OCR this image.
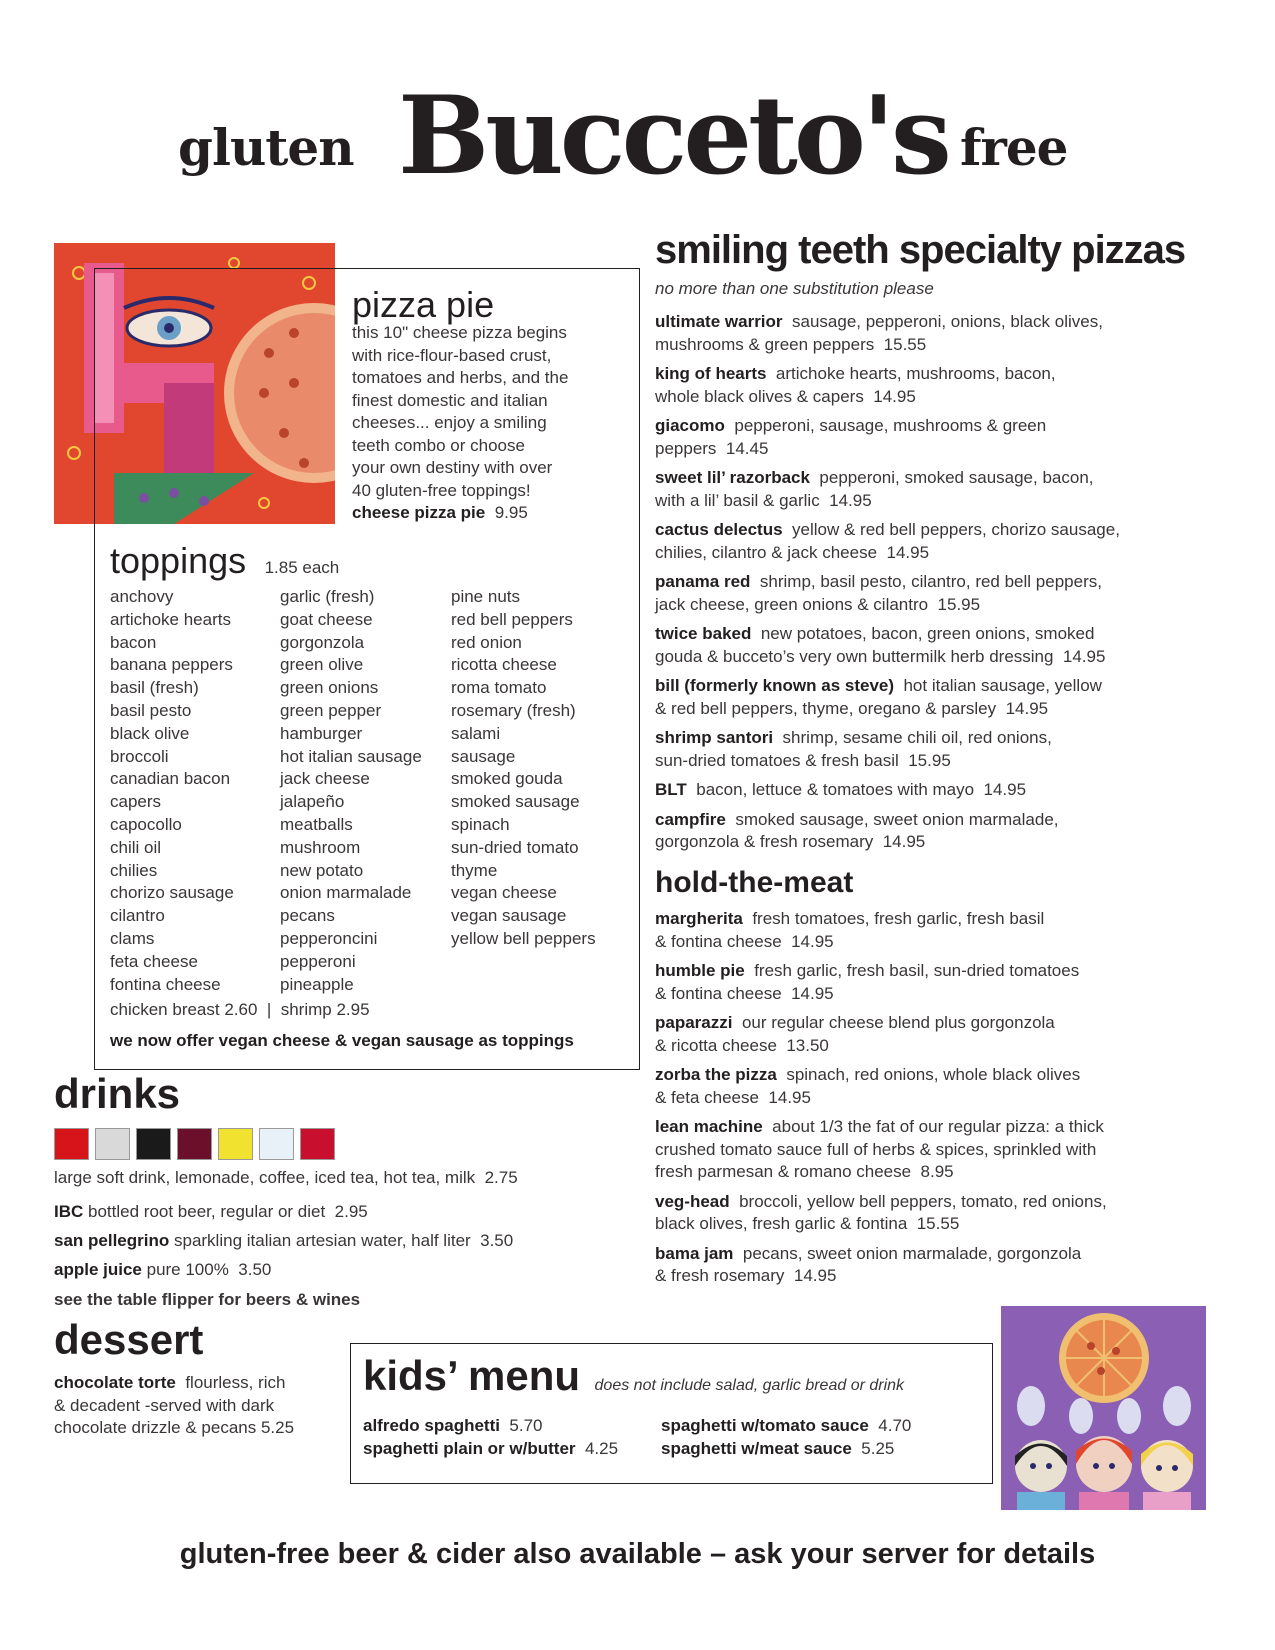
gluten Bucceto's free
pizza pie
this 10" cheese pizza begins
with rice-flour-based crust,
tomatoes and herbs, and the
finest domestic and italian
cheeses... enjoy a smiling
teeth combo or choose
your own destiny with over
40 gluten-free toppings!
cheese pizza pie 9.95
toppings 1.85 each
anchovy
artichoke hearts
bacon
banana peppers
basil (fresh)
basil pesto
black olive
broccoli
canadian bacon
capers
capocollo
chili oil
chilies
chorizo sausage
cilantro
clams
feta cheese
fontina cheese
garlic (fresh)
goat cheese
gorgonzola
green olive
green onions
green pepper
hamburger
hot italian sausage
jack cheese
jalapeño
meatballs
mushroom
new potato
onion marmalade
pecans
pepperoncini
pepperoni
pineapple
pine nuts
red bell peppers
red onion
ricotta cheese
roma tomato
rosemary (fresh)
salami
sausage
smoked gouda
smoked sausage
spinach
sun-dried tomato
thyme
vegan cheese
vegan sausage
yellow bell peppers
chicken breast 2.60  |  shrimp 2.95
we now offer vegan cheese & vegan sausage as toppings
smiling teeth specialty pizzas
no more than one substitution please
ultimate warrior sausage, pepperoni, onions, black olives,
mushrooms & green peppers  15.55
king of hearts artichoke hearts, mushrooms, bacon,
whole black olives & capers  14.95
giacomo pepperoni, sausage, mushrooms & green
peppers  14.45
sweet lil’ razorback pepperoni, smoked sausage, bacon,
with a lil’ basil & garlic  14.95
cactus delectus yellow & red bell peppers, chorizo sausage,
chilies, cilantro & jack cheese  14.95
panama red shrimp, basil pesto, cilantro, red bell peppers,
jack cheese, green onions & cilantro  15.95
twice baked new potatoes, bacon, green onions, smoked
gouda & bucceto’s very own buttermilk herb dressing  14.95
bill (formerly known as steve) hot italian sausage, yellow
& red bell peppers, thyme, oregano & parsley  14.95
shrimp santori shrimp, sesame chili oil, red onions,
sun-dried tomatoes & fresh basil  15.95
BLT bacon, lettuce & tomatoes with mayo  14.95
campfire smoked sausage, sweet onion marmalade,
gorgonzola & fresh rosemary  14.95
hold-the-meat
margherita fresh tomatoes, fresh garlic, fresh basil
& fontina cheese  14.95
humble pie fresh garlic, fresh basil, sun-dried tomatoes
& fontina cheese  14.95
paparazzi our regular cheese blend plus gorgonzola
& ricotta cheese  13.50
zorba the pizza spinach, red onions, whole black olives
& feta cheese  14.95
lean machine about 1/3 the fat of our regular pizza: a thick
crushed tomato sauce full of herbs & spices, sprinkled with
fresh parmesan & romano cheese  8.95
veg-head broccoli, yellow bell peppers, tomato, red onions,
black olives, fresh garlic & fontina  15.55
bama jam pecans, sweet onion marmalade, gorgonzola
& fresh rosemary  14.95
drinks
large soft drink, lemonade, coffee, iced tea, hot tea, milk  2.75
IBC bottled root beer, regular or diet  2.95
san pellegrino sparkling italian artesian water, half liter  3.50
apple juice pure 100%  3.50
see the table flipper for beers & wines
dessert
chocolate torte flourless, rich
& decadent -served with dark
chocolate drizzle & pecans 5.25
kids’ menu does not include salad, garlic bread or drink
alfredo spaghetti 5.70
spaghetti plain or w/butter 4.25
spaghetti w/tomato sauce 4.70
spaghetti w/meat sauce 5.25
gluten-free beer & cider also available – ask your server for details
